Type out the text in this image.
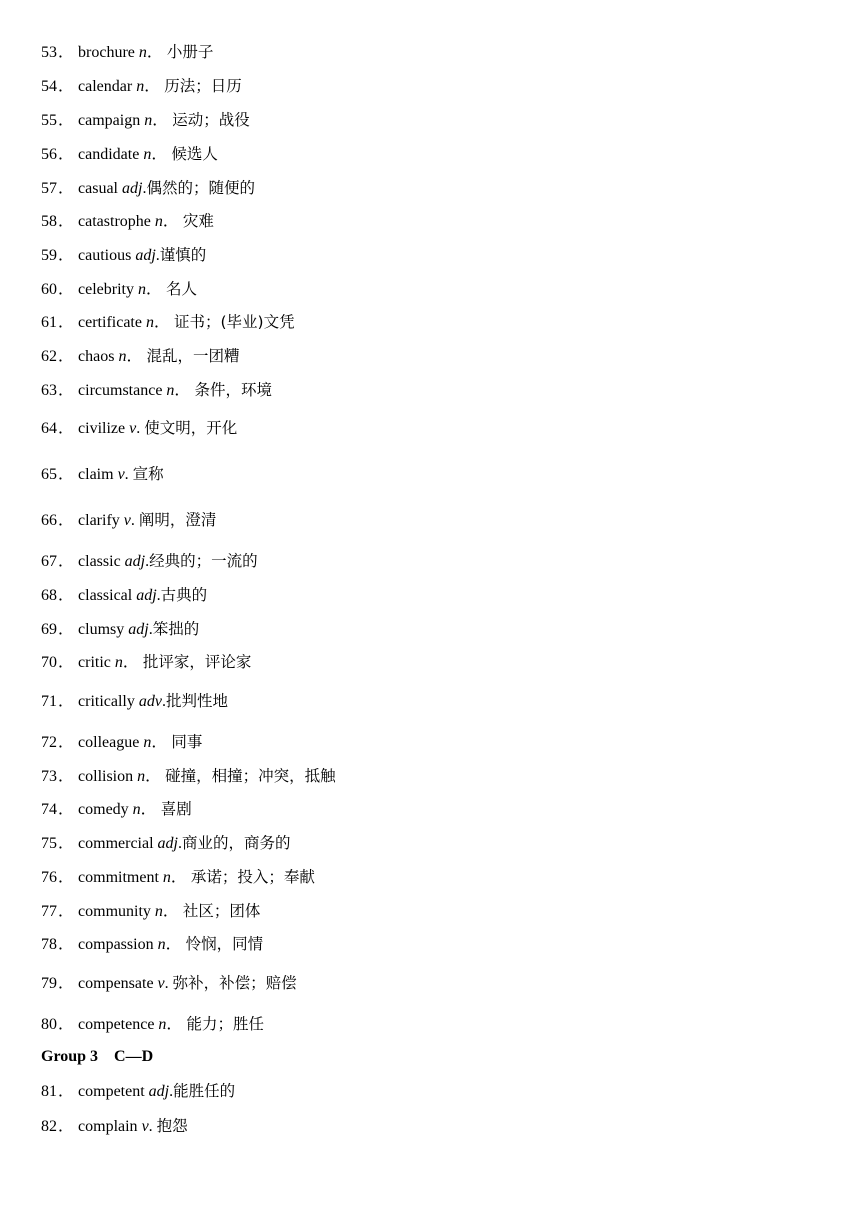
53． brochure n． 小册子
54． calendar n． 历法；日历
55． campaign n． 运动；战役
56． candidate n． 候选人
57． casual adj.偶然的；随便的
58． catastrophe n． 灾难
59． cautious adj.谨慎的
60． celebrity n． 名人
61． certificate n． 证书；(毕业)文凭
62． chaos n． 混乱，一团糟
63． circumstance n． 条件，环境
64． civilize v. 使文明，开化
65． claim v. 宣称
66． clarify v. 阐明，澄清
67． classic adj.经典的；一流的
68． classical adj.古典的
69． clumsy adj.笨拙的
70． critic n． 批评家，评论家
71． critically adv.批判性地
72． colleague n． 同事
73． collision n． 碰撞，相撞；冲突，抵触
74． comedy n． 喜剧
75． commercial adj.商业的，商务的
76． commitment n． 承诺；投入；奉献
77． community n． 社区；团体
78． compassion n． 怜悯，同情
79． compensate v. 弥补，补偿；赔偿
80． competence n． 能力；胜任
Group 3　C—D
81． competent adj.能胜任的
82． complain v. 抱怨
